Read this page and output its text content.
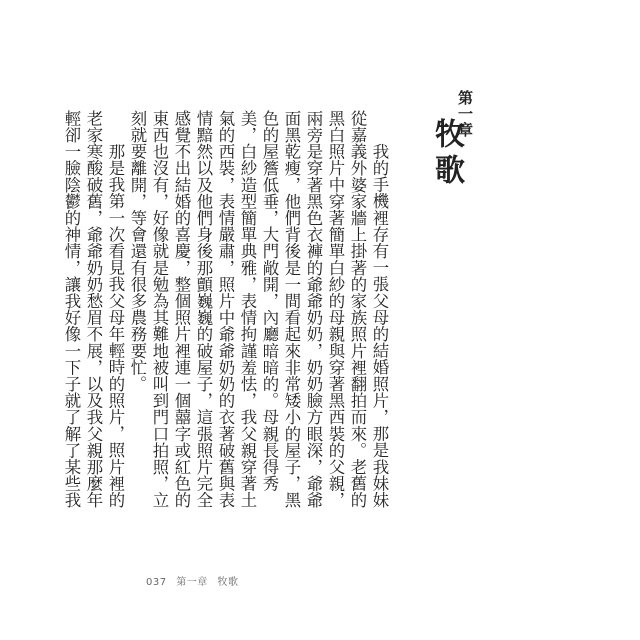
第一章
牧歌

我的手機裡存有一張父母的結婚照片，那是我妹妹從嘉義外婆家牆上掛著的家族照片裡翻拍而來。老舊的黑白照片中穿著簡單白紗的母親與穿著黑西裝的父親，兩旁是穿著黑色衣褲的爺爺奶奶，奶奶臉方眼深，爺爺面黑乾瘦，他們背後是一間看起來非常矮小的屋子，黑色的屋簷低垂，大門敞開，內廳暗暗的。母親長得秀美，白紗造型簡單典雅，表情拘謹羞怯，我父親穿著土氣的西裝，表情嚴肅，照片中爺爺奶奶的衣著破舊與表情黯然以及他們身後那顫巍巍的破屋子，這張照片完全感覺不出結婚的喜慶，整個照片裡連一個囍字或紅色的東西也沒有，好像就是勉為其難地被叫到門口拍照，立刻就要離開，等會還有很多農務要忙。

那是我第一次看見我父母年輕時的照片，照片裡的老家寒酸破舊，爺爺奶奶愁眉不展，以及我父親那麼年輕卻一臉陰鬱的神情，讓我好像一下子就了解了某些我

037 第一章 牧歌
